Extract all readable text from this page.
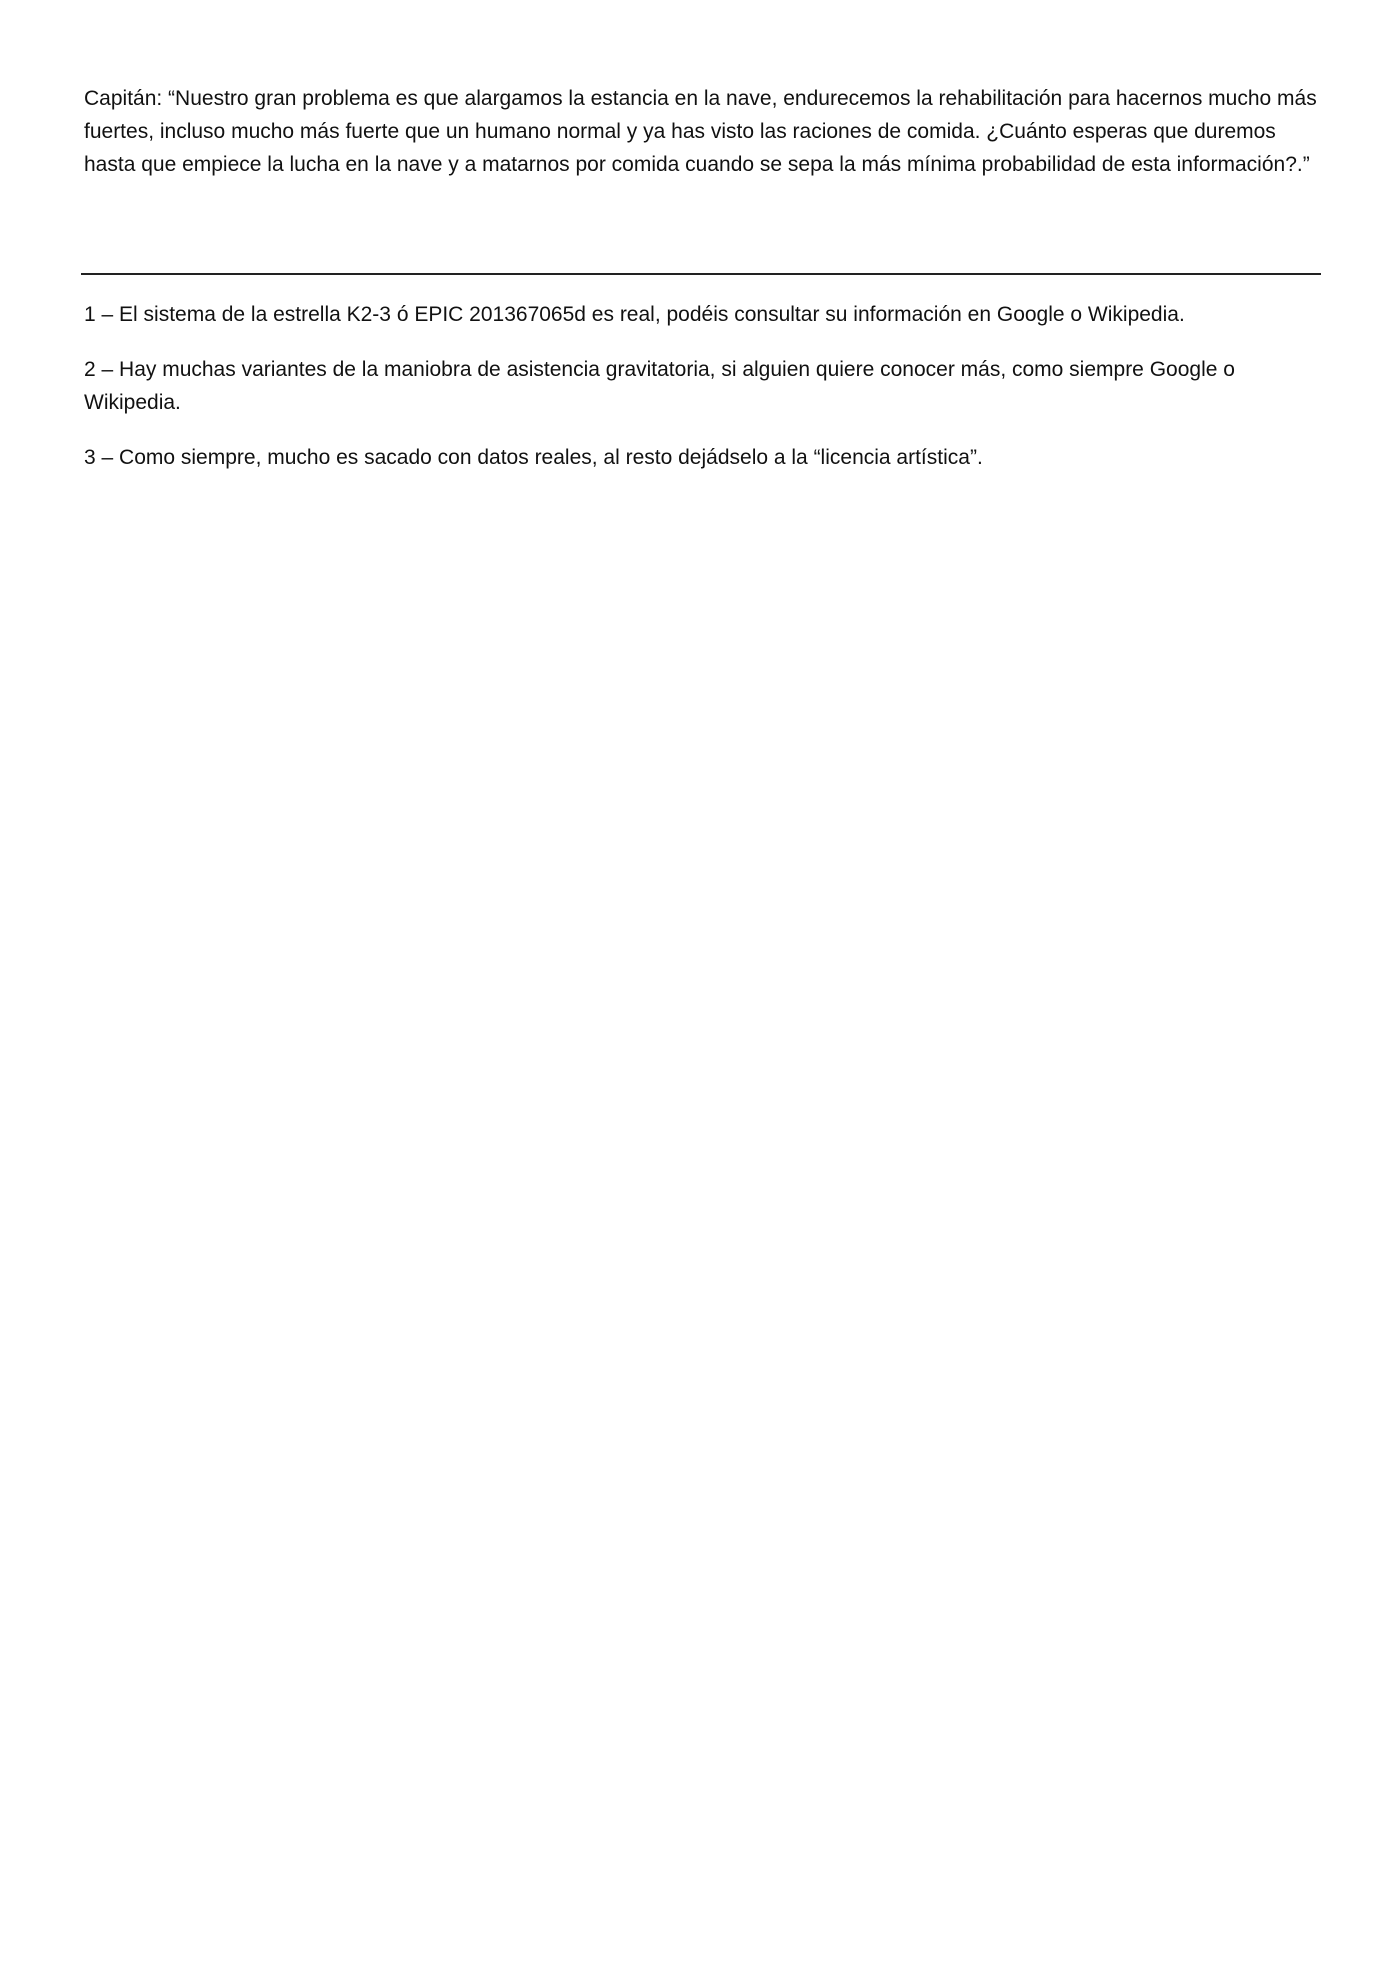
Capitán: “Nuestro gran problema es que alargamos la estancia en la nave, endurecemos la rehabilitación para hacernos mucho más fuertes, incluso mucho más fuerte que un humano normal y ya has visto las raciones de comida. ¿Cuánto esperas que duremos hasta que empiece la lucha en la nave y a matarnos por comida cuando se sepa la más mínima probabilidad de esta información?.”

1 – El sistema de la estrella K2-3 ó EPIC 201367065d es real, podéis consultar su información en Google o Wikipedia.

2 – Hay muchas variantes de la maniobra de asistencia gravitatoria, si alguien quiere conocer más, como siempre Google o Wikipedia.

3 – Como siempre, mucho es sacado con datos reales, al resto dejádselo a la “licencia artística”.
